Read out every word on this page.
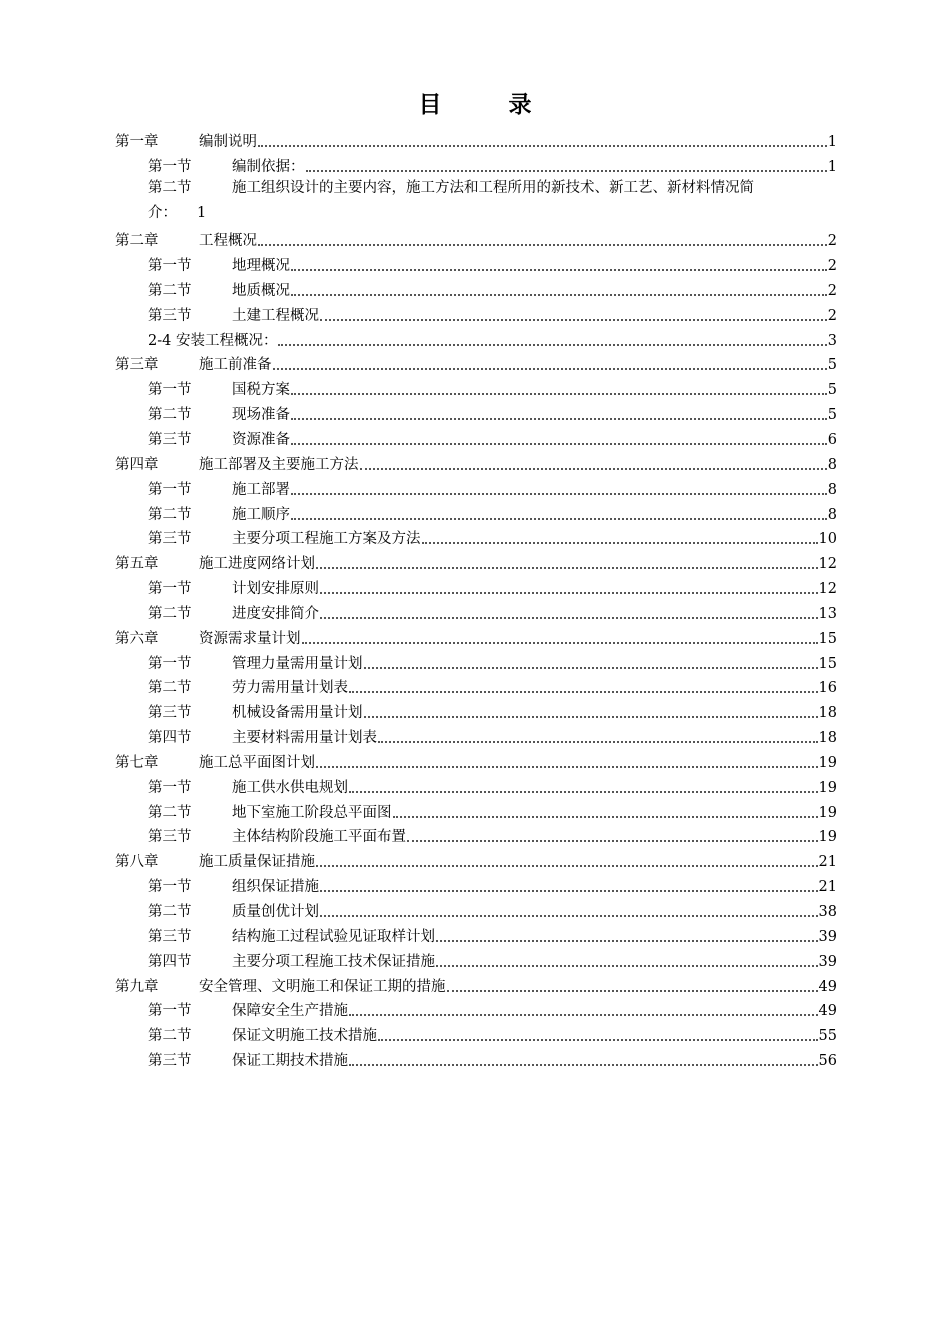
目　录
第一章	编制说明	1
第一节	编制依据：	1
第二节	施工组织设计的主要内容，施工方法和工程所用的新技术、新工艺、新材料情况简
介： 1
第二章	工程概况	2
第一节	地理概况	2
第二节	地质概况	2
第三节	土建工程概况	2
2-4 安装工程概况：	3
第三章	施工前准备	5
第一节	国税方案	5
第二节	现场准备	5
第三节	资源准备	6
第四章	施工部署及主要施工方法	8
第一节	施工部署	8
第二节	施工顺序	8
第三节	主要分项工程施工方案及方法	10
第五章	施工进度网络计划	12
第一节	计划安排原则	12
第二节	进度安排简介	13
第六章	资源需求量计划	15
第一节	管理力量需用量计划	15
第二节	劳力需用量计划表	16
第三节	机械设备需用量计划	18
第四节	主要材料需用量计划表	18
第七章	施工总平面图计划	19
第一节	施工供水供电规划	19
第二节	地下室施工阶段总平面图	19
第三节	主体结构阶段施工平面布置	19
第八章	施工质量保证措施	21
第一节	组织保证措施	21
第二节	质量创优计划	38
第三节	结构施工过程试验见证取样计划	39
第四节	主要分项工程施工技术保证措施	39
第九章	安全管理、文明施工和保证工期的措施	49
第一节	保障安全生产措施	49
第二节	保证文明施工技术措施	55
第三节	保证工期技术措施	56
